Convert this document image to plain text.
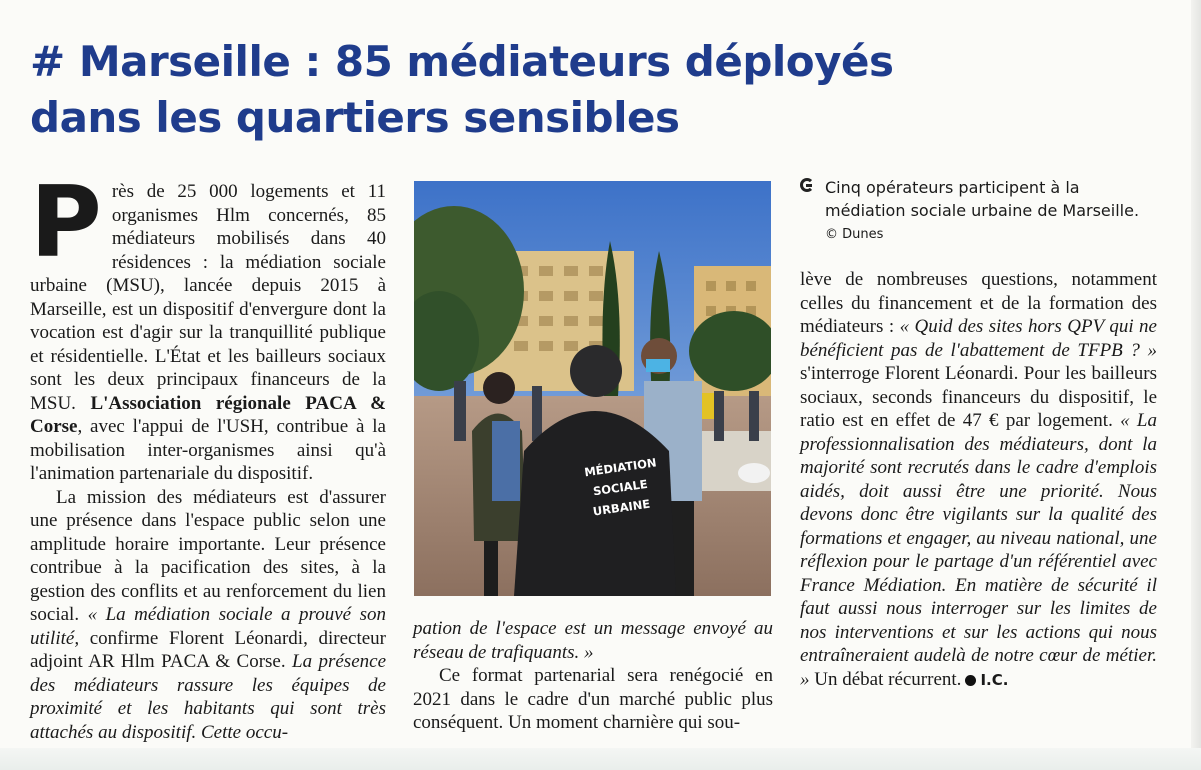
# Marseille : 85 médiateurs déployés
dans les quartiers sensibles

Près de 25 000 logements et 11 organismes Hlm concernés, 85 médiateurs mobilisés dans 40 résidences : la médiation sociale urbaine (MSU), lancée depuis 2015 à Marseille, est un dispositif d'envergure dont la vocation est d'agir sur la tranquillité publique et résidentielle. L'État et les bailleurs sociaux sont les deux principaux financeurs de la MSU. L'Association régionale PACA & Corse, avec l'appui de l'USH, contribue à la mobilisation inter-organismes ainsi qu'à l'animation partenariale du dispositif.

La mission des médiateurs est d'assurer une présence dans l'espace public selon une amplitude horaire importante. Leur présence contribue à la pacification des sites, à la gestion des conflits et au renforcement du lien social. « La médiation sociale a prouvé son utilité, confirme Florent Léonardi, directeur adjoint AR Hlm PACA & Corse. La présence des médiateurs rassure les équipes de proximité et les habitants qui sont très attachés au dispositif. Cette occu-

MÉDIATION
SOCIALE
URBAINE

pation de l'espace est un message envoyé au réseau de trafiquants. »

Ce format partenarial sera renégocié en 2021 dans le cadre d'un marché public plus conséquent. Un moment charnière qui sou-

Cinq opérateurs participent à la médiation sociale urbaine de Marseille.
© Dunes

lève de nombreuses questions, notamment celles du financement et de la formation des médiateurs : « Quid des sites hors QPV qui ne bénéficient pas de l'abattement de TFPB ? » s'interroge Florent Léonardi. Pour les bailleurs sociaux, seconds financeurs du dispositif, le ratio est en effet de 47 € par logement. « La professionnalisation des médiateurs, dont la majorité sont recrutés dans le cadre d'emplois aidés, doit aussi être une priorité. Nous devons donc être vigilants sur la qualité des formations et engager, au niveau national, une réflexion pour le partage d'un référentiel avec France Médiation. En matière de sécurité il faut aussi nous interroger sur les limites de nos interventions et sur les actions qui nous entraîneraient audelà de notre cœur de métier. » Un débat récurrent. I.C.
